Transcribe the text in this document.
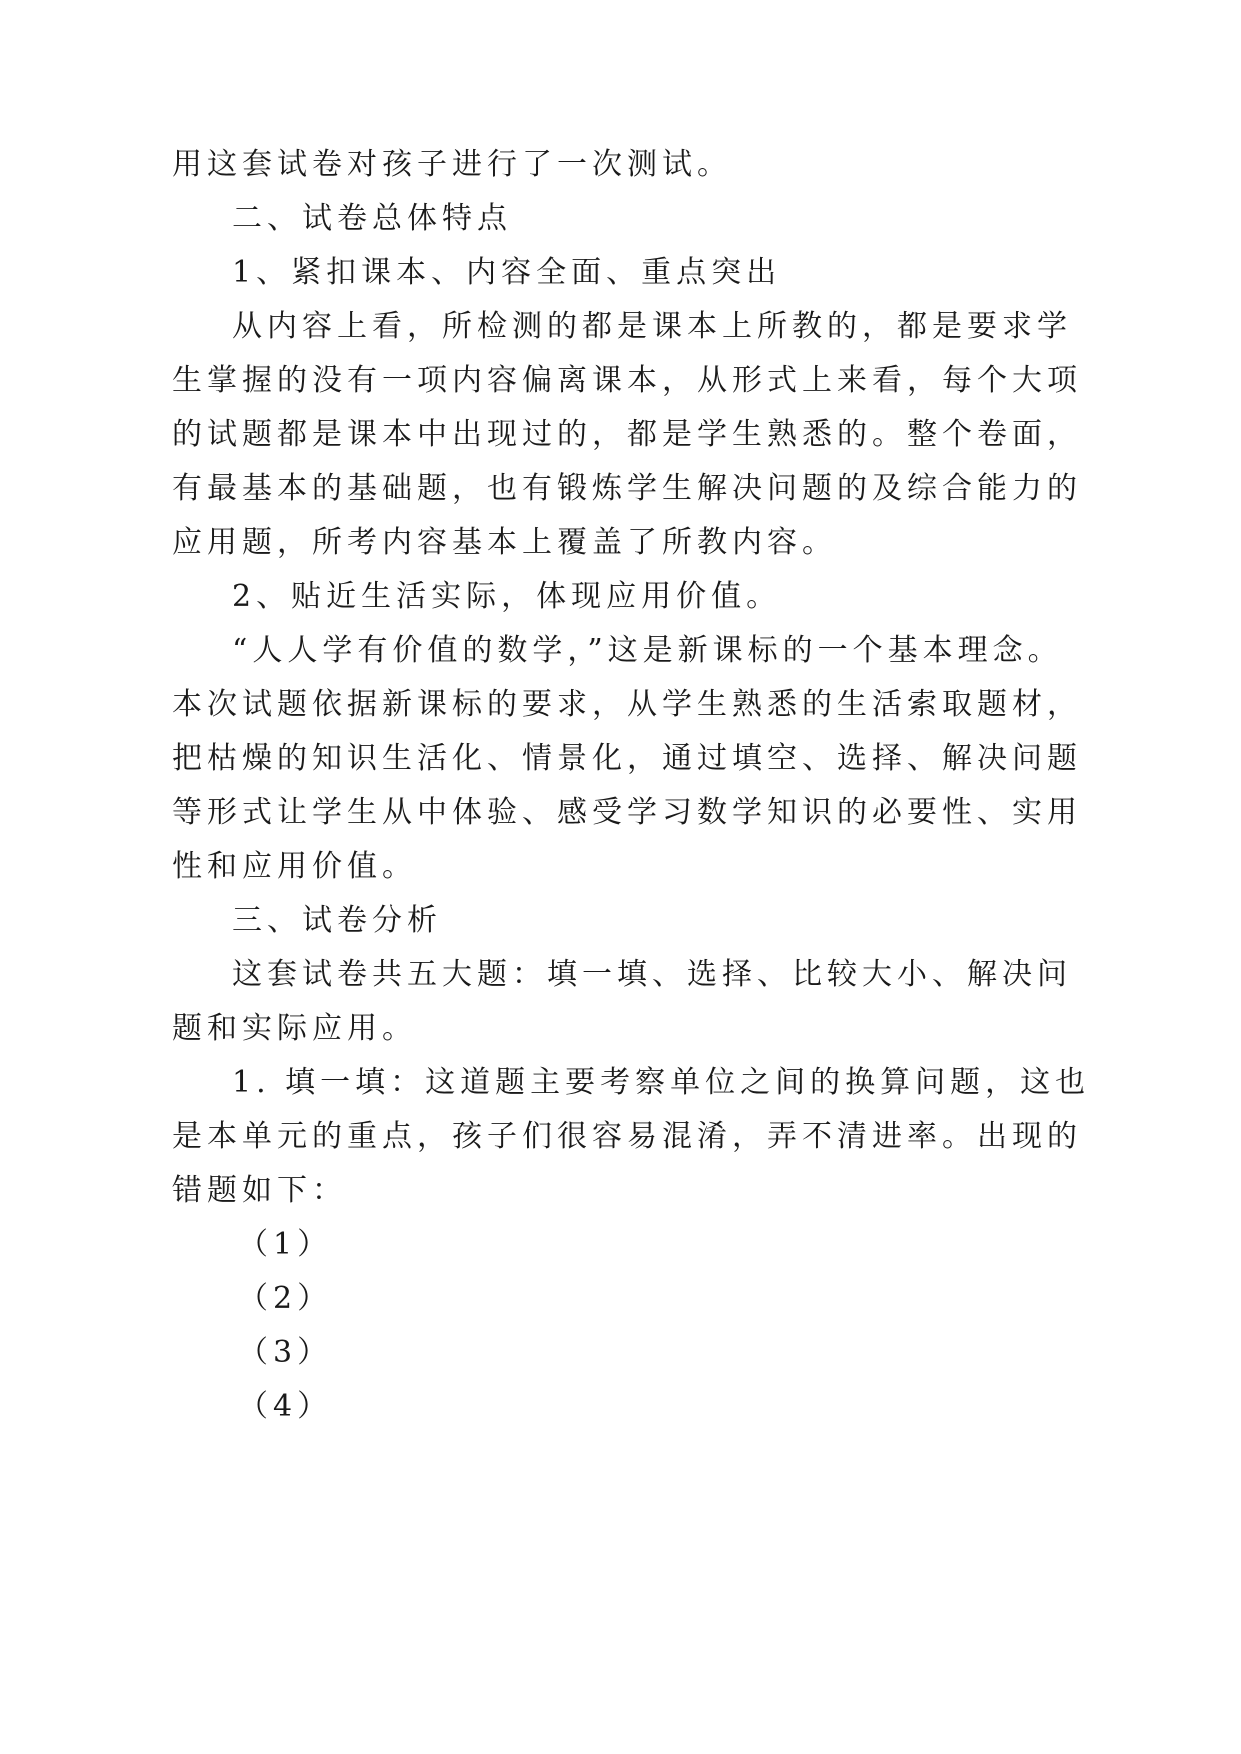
用这套试卷对孩子进行了一次测试。
二、试卷总体特点
1、紧扣课本、内容全面、重点突出
从内容上看，所检测的都是课本上所教的，都是要求学
生掌握的没有一项内容偏离课本，从形式上来看，每个大项
的试题都是课本中出现过的，都是学生熟悉的。整个卷面，
有最基本的基础题，也有锻炼学生解决问题的及综合能力的
应用题，所考内容基本上覆盖了所教内容。
2、贴近生活实际，体现应用价值。
“人人学有价值的数学，”这是新课标的一个基本理念。
本次试题依据新课标的要求，从学生熟悉的生活索取题材，
把枯燥的知识生活化、情景化，通过填空、选择、解决问题
等形式让学生从中体验、感受学习数学知识的必要性、实用
性和应用价值。
三、试卷分析
这套试卷共五大题：填一填、选择、比较大小、解决问
题和实际应用。
1. 填一填：这道题主要考察单位之间的换算问题，这也
是本单元的重点，孩子们很容易混淆，弄不清进率。出现的
错题如下：
（1）
（2）
（3）
（4）
